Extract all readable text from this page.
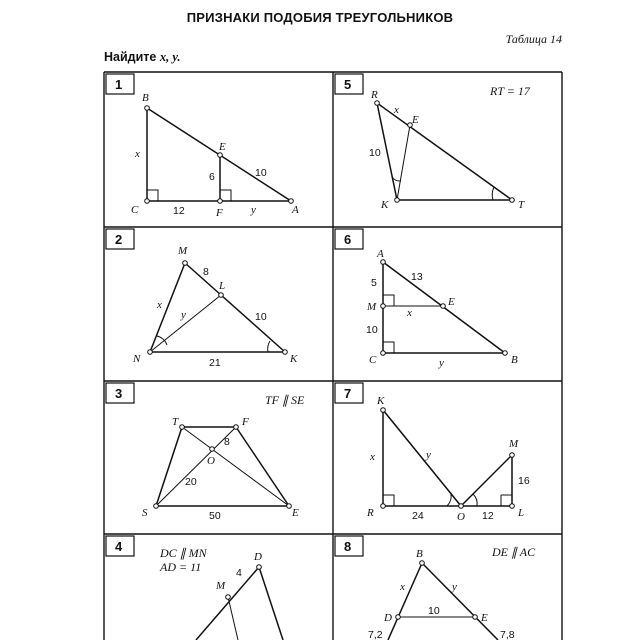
ПРИЗНАКИ ПОДОБИЯ ТРЕУГОЛЬНИКОВ
Таблица 14
Найдите x, y.
1
B
C	F	A
E
x
12
6	10
y
5	RT = 17
R
E
K	T
x
10
2
M
L
N	K
8
x
y	10
21
6
A
M	E
C	B
5	13
x
10
y
3	TF ∥ SE
T	F
O
S	E
8
20
50
7 K
M
R	O	L
x	y
16
24	12
4	DC ∥ MN
AD = 11
D
M
4
8	DE ∥ AC
B
D	E
x	y
10
7,2	7,8
